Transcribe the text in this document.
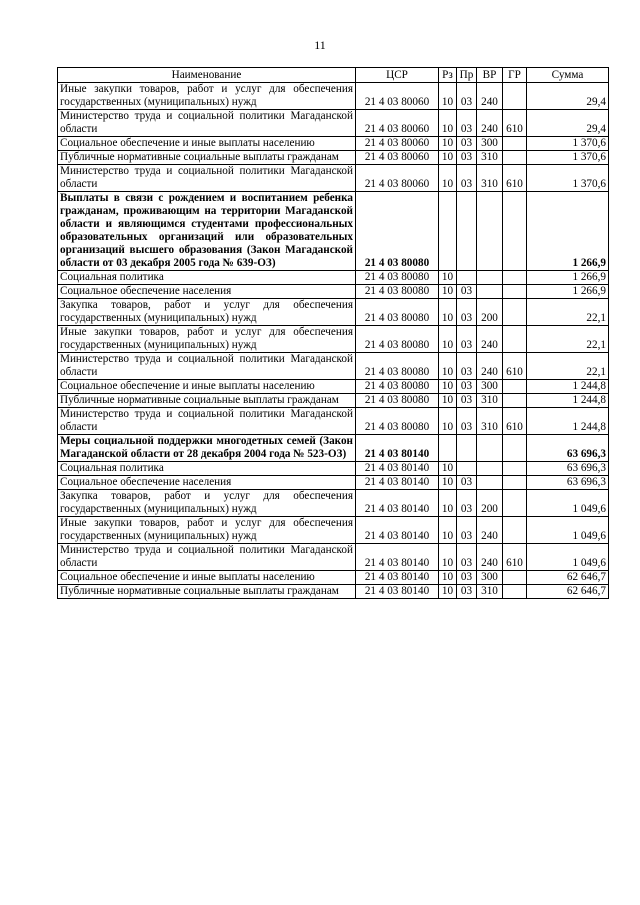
11
Наименование	ЦСР	Рз	Пр	ВР	ГР	Сумма
Иные закупки товаров, работ и услуг для обеспечения государственных (муниципальных) нужд	21 4 03 80060	10	03	240		29,4
Министерство труда и социальной политики Магаданской области	21 4 03 80060	10	03	240	610	29,4
Социальное обеспечение и иные выплаты населению	21 4 03 80060	10	03	300		1 370,6
Публичные нормативные социальные выплаты гражданам	21 4 03 80060	10	03	310		1 370,6
Министерство труда и социальной политики Магаданской области	21 4 03 80060	10	03	310	610	1 370,6
Выплаты в связи с рождением и воспитанием ребенка гражданам, проживающим на территории Магаданской области и являющимся студентами профессиональных образовательных организаций или образовательных организаций высшего образования (Закон Магаданской области от 03 декабря 2005 года № 639-ОЗ)	21 4 03 80080					1 266,9
Социальная политика	21 4 03 80080	10				1 266,9
Социальное обеспечение населения	21 4 03 80080	10	03			1 266,9
Закупка товаров, работ и услуг для обеспечения государственных (муниципальных) нужд	21 4 03 80080	10	03	200		22,1
Иные закупки товаров, работ и услуг для обеспечения государственных (муниципальных) нужд	21 4 03 80080	10	03	240		22,1
Министерство труда и социальной политики Магаданской области	21 4 03 80080	10	03	240	610	22,1
Социальное обеспечение и иные выплаты населению	21 4 03 80080	10	03	300		1 244,8
Публичные нормативные социальные выплаты гражданам	21 4 03 80080	10	03	310		1 244,8
Министерство труда и социальной политики Магаданской области	21 4 03 80080	10	03	310	610	1 244,8
Меры социальной поддержки многодетных семей (Закон Магаданской области от 28 декабря 2004 года № 523-ОЗ)	21 4 03 80140					63 696,3
Социальная политика	21 4 03 80140	10				63 696,3
Социальное обеспечение населения	21 4 03 80140	10	03			63 696,3
Закупка товаров, работ и услуг для обеспечения государственных (муниципальных) нужд	21 4 03 80140	10	03	200		1 049,6
Иные закупки товаров, работ и услуг для обеспечения государственных (муниципальных) нужд	21 4 03 80140	10	03	240		1 049,6
Министерство труда и социальной политики Магаданской области	21 4 03 80140	10	03	240	610	1 049,6
Социальное обеспечение и иные выплаты населению	21 4 03 80140	10	03	300		62 646,7
Публичные нормативные социальные выплаты гражданам	21 4 03 80140	10	03	310		62 646,7
